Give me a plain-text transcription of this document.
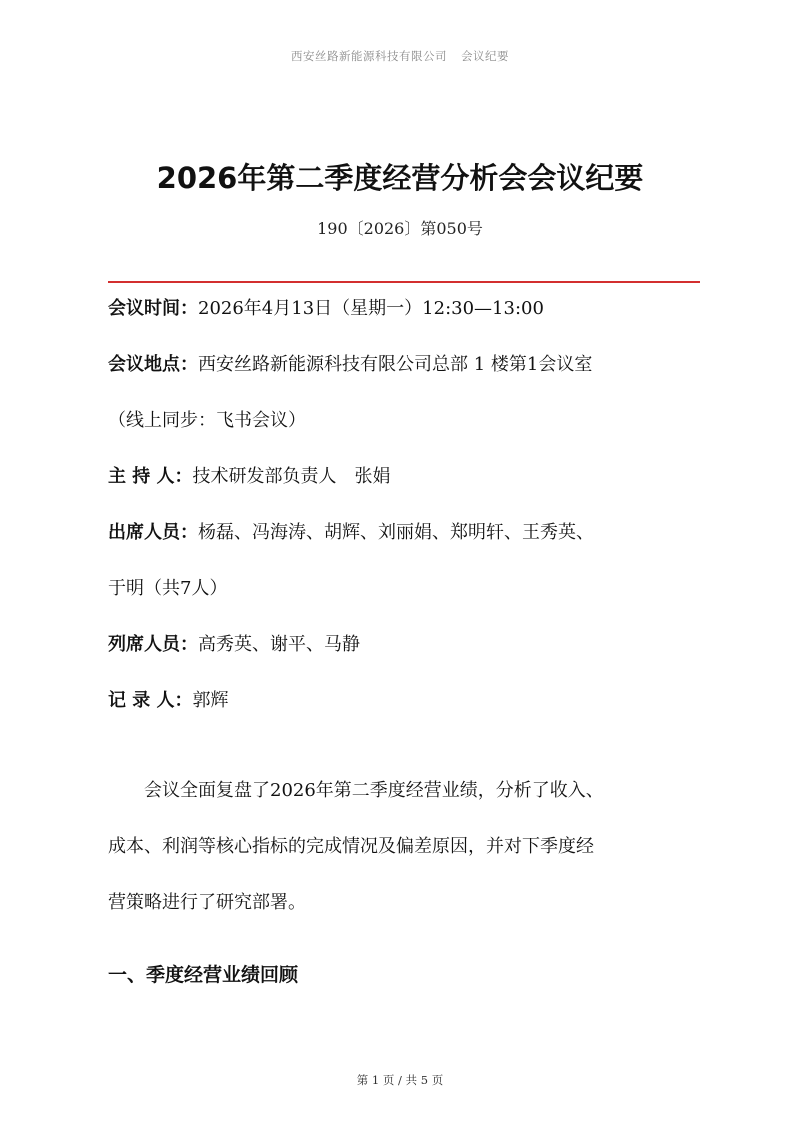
西安丝路新能源科技有限公司 会议纪要
2026年第二季度经营分析会会议纪要
190〔2026〕第050号
会议时间：2026年4月13日（星期一）12:30—13:00
会议地点：西安丝路新能源科技有限公司总部 1 楼第1会议室
（线上同步：飞书会议）
主 持 人：技术研发部负责人　张娟
出席人员：杨磊、冯海涛、胡辉、刘丽娟、郑明轩、王秀英、
于明（共7人）
列席人员：高秀英、谢平、马静
记 录 人：郭辉
　　会议全面复盘了2026年第二季度经营业绩，分析了收入、
成本、利润等核心指标的完成情况及偏差原因，并对下季度经
营策略进行了研究部署。
一、季度经营业绩回顾
第 1 页 / 共 5 页
